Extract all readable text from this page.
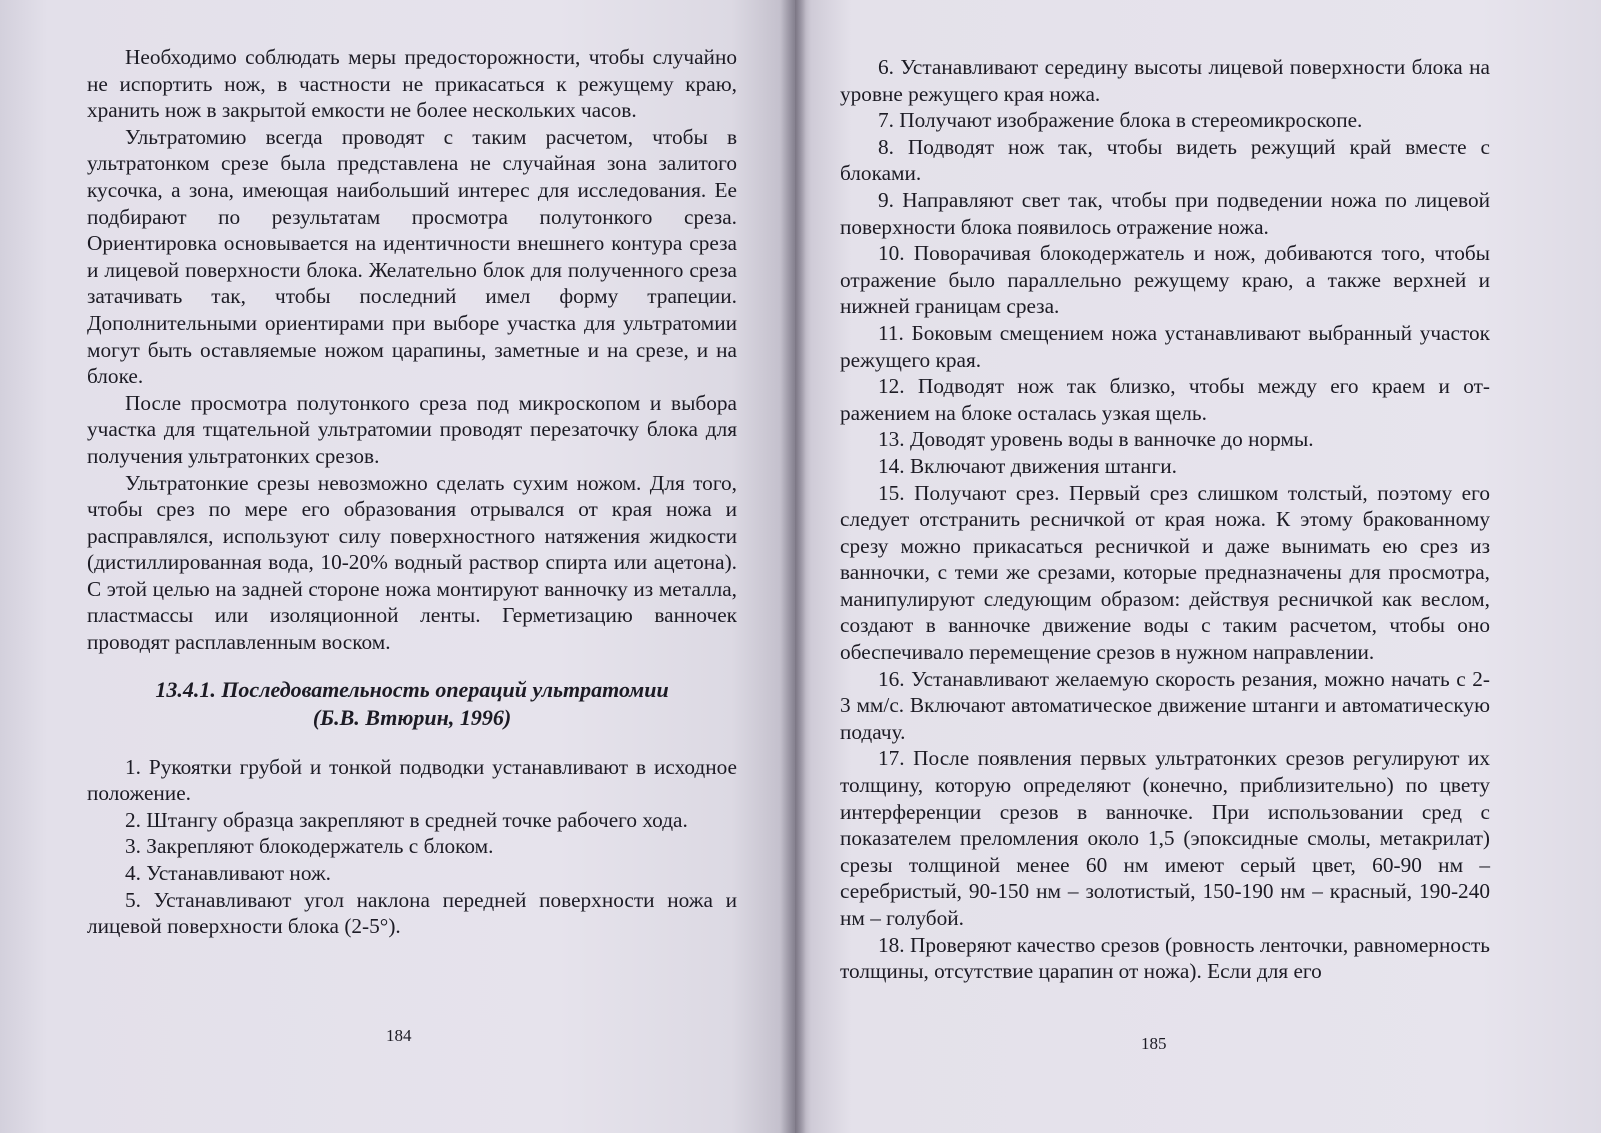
Необходимо соблюдать меры предосторожности, чтобы случайно не испортить нож, в частности не прикасаться к режущему краю, хранить нож в закрытой емкости не более нескольких часов.

Ультратомию всегда проводят с таким расчетом, чтобы в ультратонком срезе была представлена не случайная зона залитого кусочка, а зона, имеющая наибольший интерес для исследования. Ее подбирают по результатам просмотра полутонкого среза. Ориентировка основывается на идентичности внешнего контура среза и лицевой поверхности блока. Желательно блок для полученного среза затачивать так, чтобы последний имел форму трапеции. Дополнительными ориентирами при выборе участка для ультратомии могут быть оставляемые ножом царапины, заметные и на срезе, и на блоке.

После просмотра полутонкого среза под микроскопом и выбора участка для тщательной ультратомии проводят перезаточку блока для получения ультратонких срезов.

Ультратонкие срезы невозможно сделать сухим ножом. Для того, чтобы срез по мере его образования отрывался от края ножа и расправлялся, используют силу поверхностного натяжения жидкости (дистиллированная вода, 10-20% водный раствор спирта или ацетона). С этой целью на задней стороне ножа монтируют ванночку из металла, пластмассы или изоляционной ленты. Герметизацию ванночек проводят расплавленным воском.

13.4.1. Последовательность операций ультратомии
(Б.В. Втюрин, 1996)

1. Рукоятки грубой и тонкой подводки устанавливают в исходное положение.

2. Штангу образца закрепляют в средней точке рабочего хода.

3. Закрепляют блокодержатель с блоком.

4. Устанавливают нож.

5. Устанавливают угол наклона передней поверхности ножа и лицевой поверхности блока (2-5°).

184

6. Устанавливают середину высоты лицевой поверхности блока на уровне режущего края ножа.

7. Получают изображение блока в стереомикроскопе.

8. Подводят нож так, чтобы видеть режущий край вместе с блоками.

9. Направляют свет так, чтобы при подведении ножа по лицевой поверхности блока появилось отражение ножа.

10. Поворачивая блокодержатель и нож, добиваются того, чтобы отражение было параллельно режущему краю, а также верхней и нижней границам среза.

11. Боковым смещением ножа устанавливают выбранный участок режущего края.

12. Подводят нож так близко, чтобы между его краем и отражением на блоке осталась узкая щель.

13. Доводят уровень воды в ванночке до нормы.

14. Включают движения штанги.

15. Получают срез. Первый срез слишком толстый, поэтому его следует отстранить ресничкой от края ножа. К этому бракованному срезу можно прикасаться ресничкой и даже вынимать ею срез из ванночки, с теми же срезами, которые предназначены для просмотра, манипулируют следующим образом: действуя ресничкой как веслом, создают в ванночке движение воды с таким расчетом, чтобы оно обеспечивало перемещение срезов в нужном направлении.

16. Устанавливают желаемую скорость резания, можно начать с 2-3 мм/с. Включают автоматическое движение штанги и автоматическую подачу.

17. После появления первых ультратонких срезов регулируют их толщину, которую определяют (конечно, приблизительно) по цвету интерференции срезов в ванночке. При использовании сред с показателем преломления около 1,5 (эпоксидные смолы, метакрилат) срезы толщиной менее 60 нм имеют серый цвет, 60-90 нм – серебристый, 90-150 нм – золотистый, 150-190 нм – красный, 190-240 нм – голубой.

18. Проверяют качество срезов (ровность ленточки, равномерность толщины, отсутствие царапин от ножа). Если для его

185
